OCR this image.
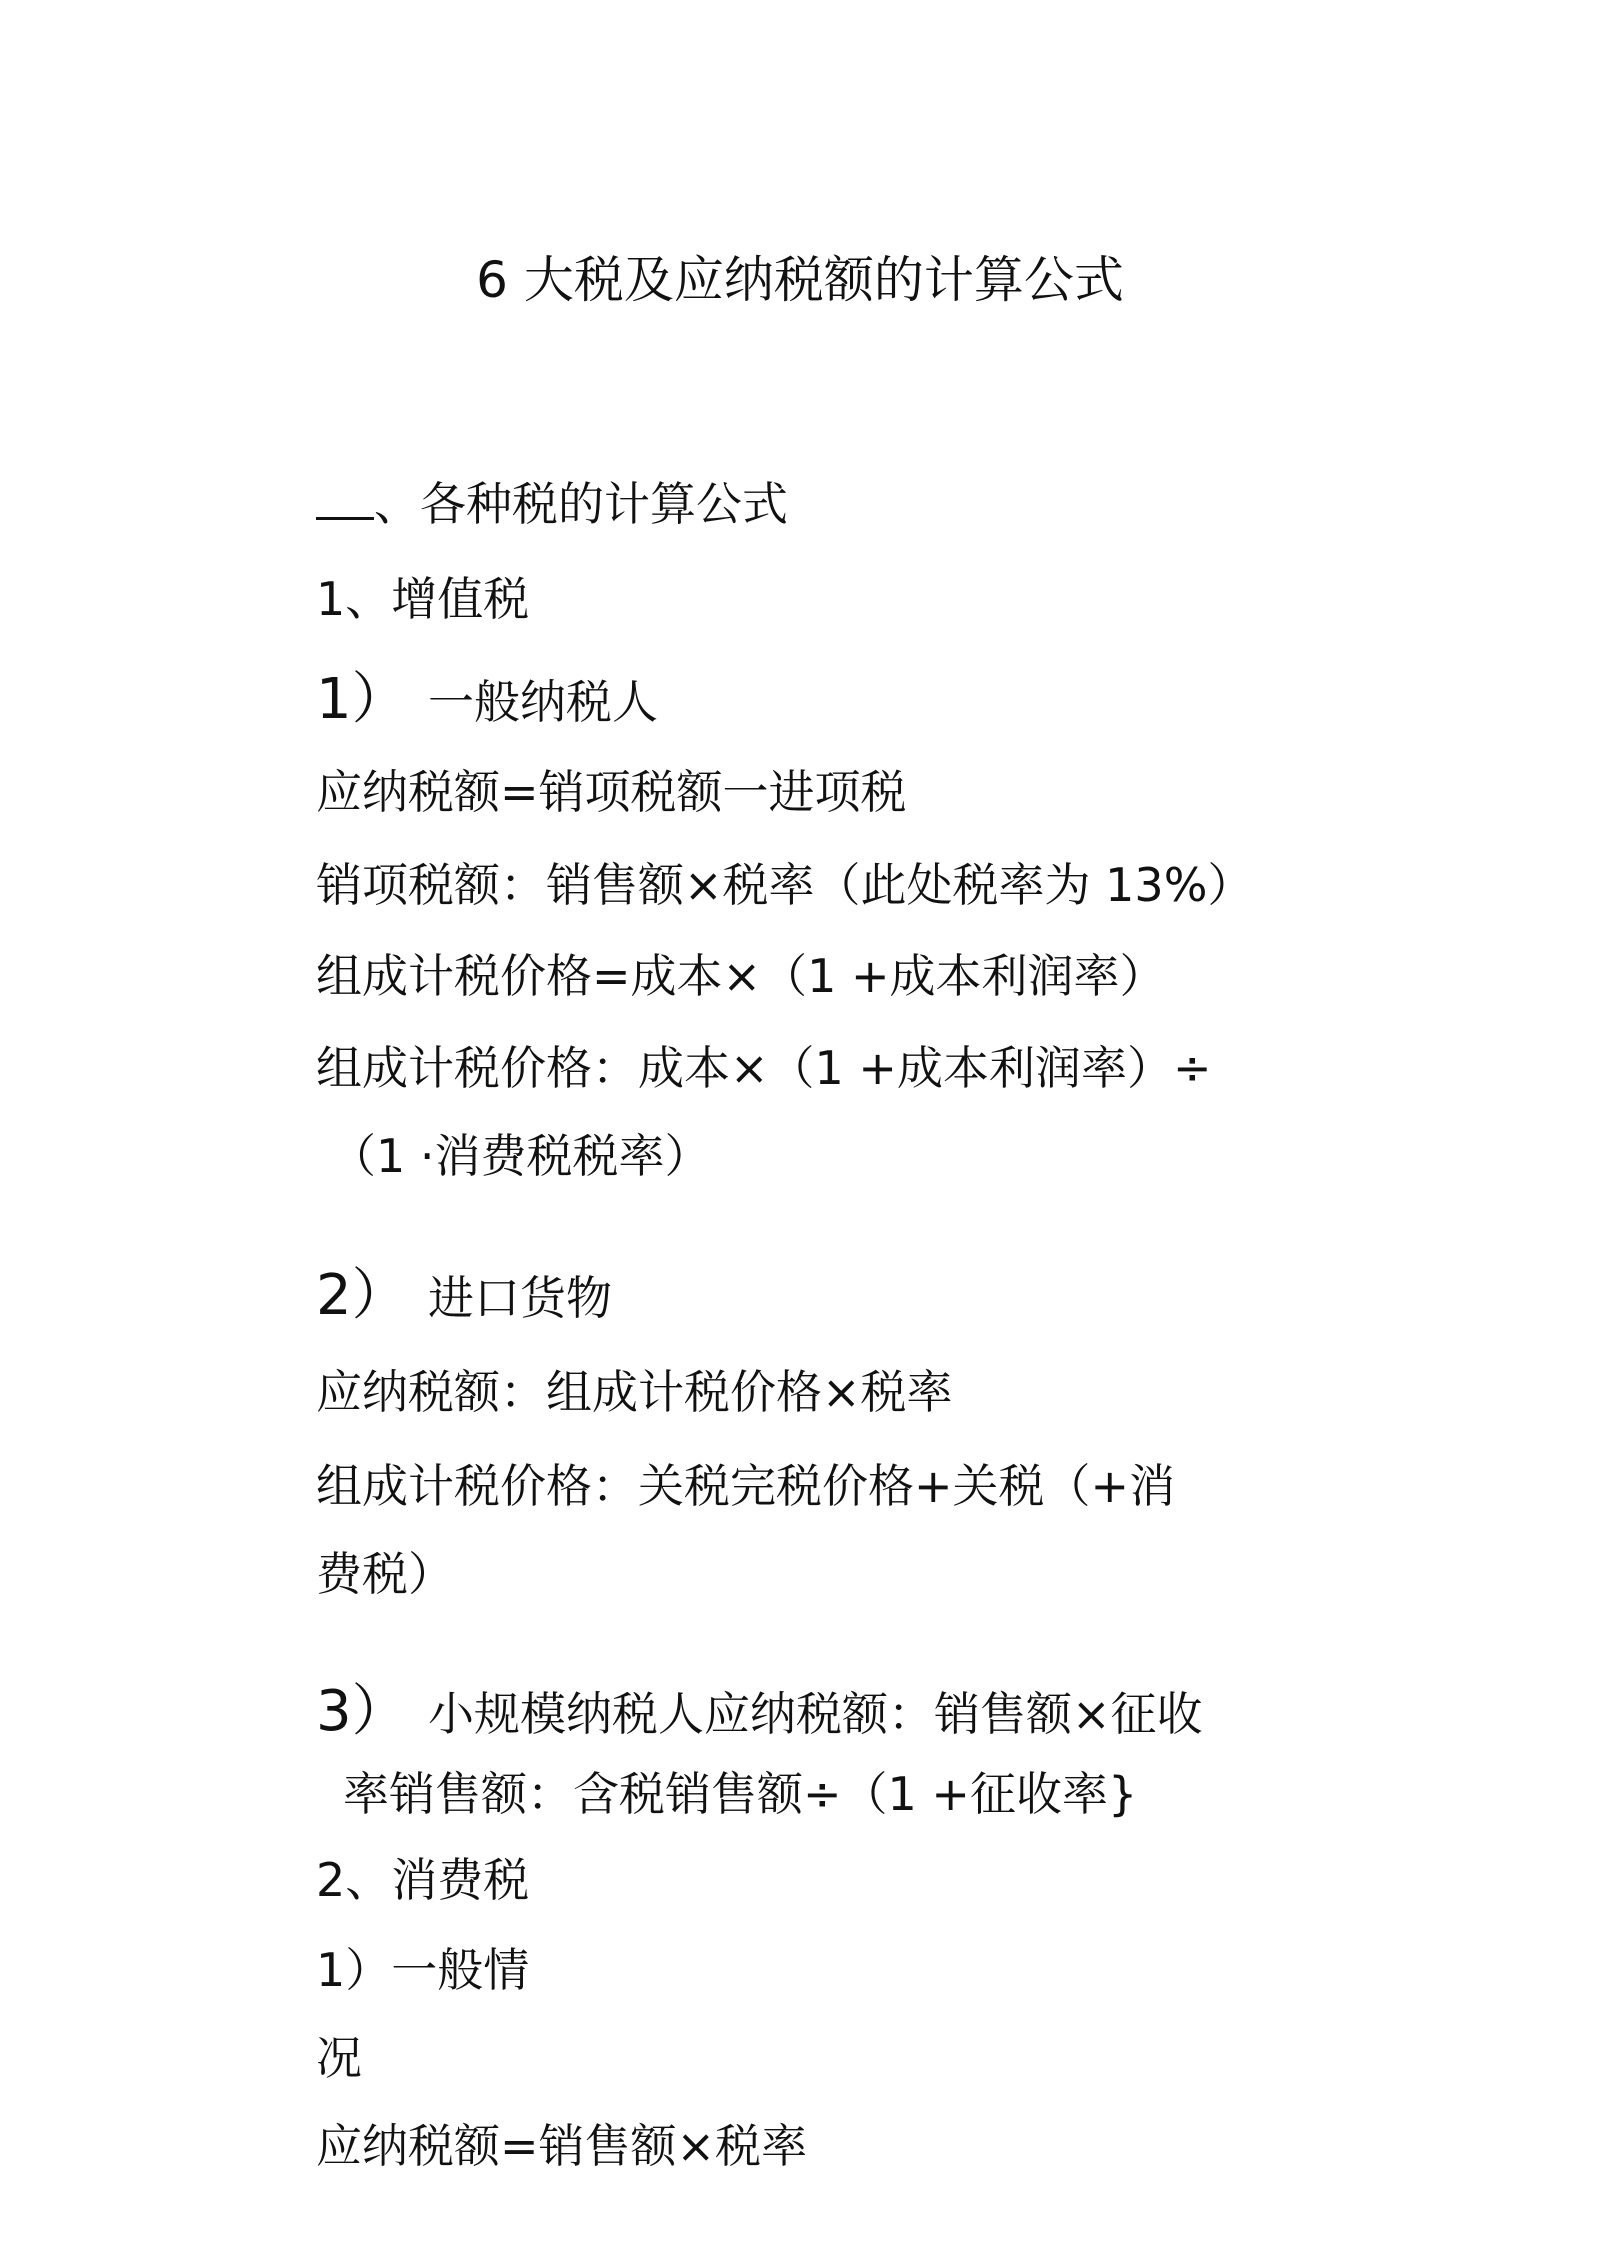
6 大税及应纳税额的计算公式
、各种税的计算公式
1、增值税
1） 一般纳税人
应纳税额=销项税额一进项税
销项税额：销售额×税率（此处税率为 13%）
组成计税价格=成本×（1 +成本利润率）
组成计税价格：成本×（1 +成本利润率）÷
（1 ·消费税税率）
2） 进口货物
应纳税额：组成计税价格×税率
组成计税价格：关税完税价格+关税（+消
费税）
3） 小规模纳税人应纳税额：销售额×征收
率销售额：含税销售额÷（1 +征收率}
2、消费税
1）一般情
况
应纳税额=销售额×税率
